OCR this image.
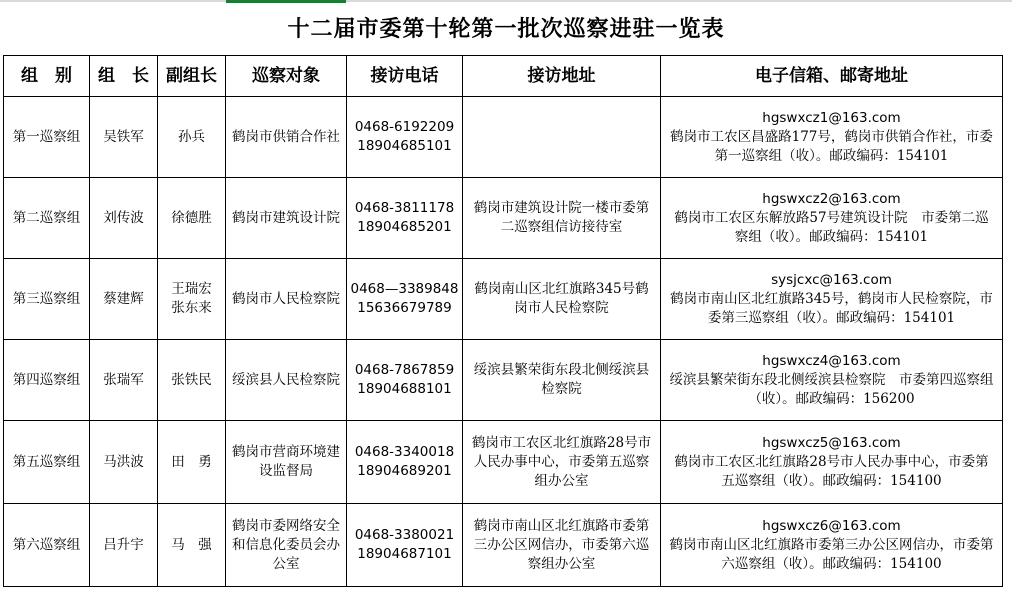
十二届市委第十轮第一批次巡察进驻一览表
组　别	组　长	副组长	巡察对象	接访电话	接访地址	电子信箱、邮寄地址
第一巡察组	吴铁军	孙兵	鹤岗市供销合作社	0468-6192209
18904685101		hgswxcz1@163.com
鹤岗市工农区昌盛路177号，鹤岗市供销合作社，市委第一巡察组（收）。邮政编码：154101

第二巡察组	刘传波	徐德胜	鹤岗市建筑设计院	0468-3811178
18904685201	鹤岗市建筑设计院一楼市委第二巡察组信访接待室	hgswxcz2@163.com
鹤岗市工农区东解放路57号建筑设计院　市委第二巡察组（收）。邮政编码：154101

第三巡察组	蔡建辉	王瑞宏
张东来	鹤岗市人民检察院	0468—3389848
15636679789	鹤岗南山区北红旗路345号鹤岗市人民检察院	sysjcxc@163.com
鹤岗市南山区北红旗路345号，鹤岗市人民检察院，市委第三巡察组（收）。邮政编码：154101

第四巡察组	张瑞军	张铁民	绥滨县人民检察院	0468-7867859
18904688101	绥滨县繁荣街东段北侧绥滨县检察院	hgswxcz4@163.com
绥滨县繁荣街东段北侧绥滨县检察院　市委第四巡察组（收）。邮政编码：156200

第五巡察组	马洪波	田　勇	鹤岗市营商环境建设监督局	0468-3340018
18904689201	鹤岗市工农区北红旗路28号市人民办事中心，市委第五巡察组办公室	hgswxcz5@163.com
鹤岗市工农区北红旗路28号市人民办事中心，市委第五巡察组（收）。邮政编码：154100

第六巡察组	吕升宇	马　强	鹤岗市委网络安全和信息化委员会办公室	0468-3380021
18904687101	鹤岗市南山区北红旗路市委第三办公区网信办，市委第六巡察组办公室	hgswxcz6@163.com
鹤岗市南山区北红旗路市委第三办公区网信办，市委第六巡察组（收）。邮政编码：154100
